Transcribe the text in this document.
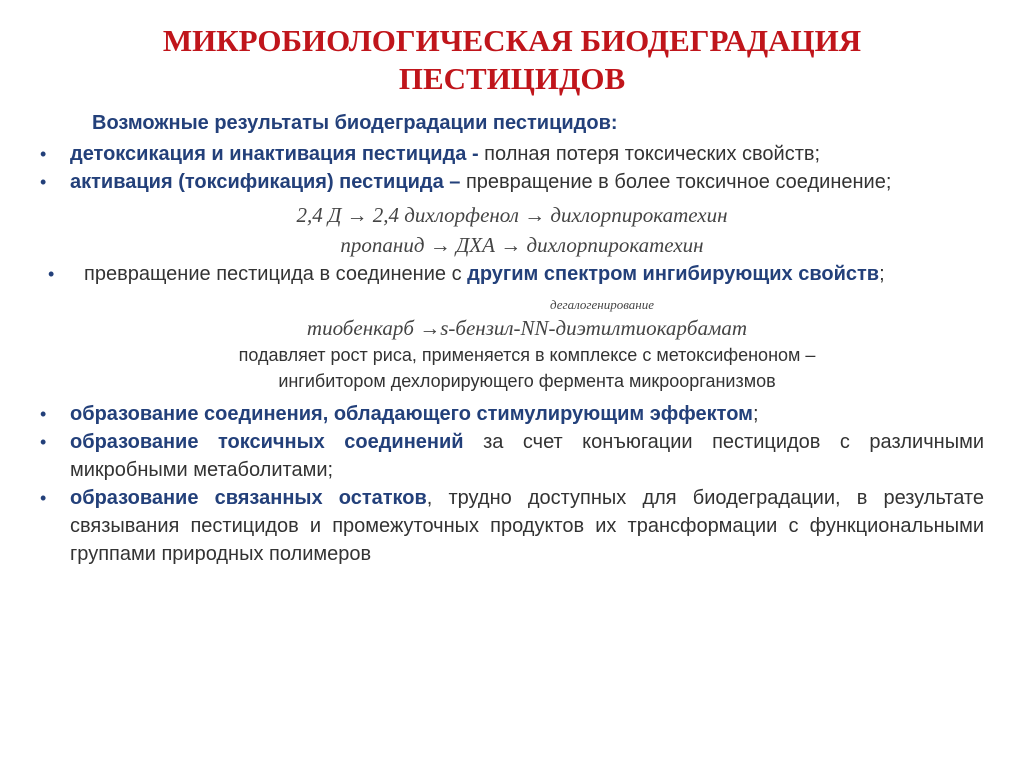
МИКРОБИОЛОГИЧЕСКАЯ БИОДЕГРАДАЦИЯ
ПЕСТИЦИДОВ
Возможные результаты биодеградации пестицидов:
• детоксикация и инактивация пестицида - полная потеря токсических свойств;
• активация (токсификация) пестицида – превращение в более токсичное соединение;
2,4 Д → 2,4 дихлорфенол → дихлорпирокатехин
пропанид → ДХА → дихлорпирокатехин
• превращение пестицида в соединение с другим спектром ингибирующих свойств;
дегалогенирование
тиобенкарб →s-бензил-NN-диэтилтиокарбамат
подавляет рост риса, применяется в комплексе с метоксифеноном –
ингибитором дехлорирующего фермента микроорганизмов
• образование соединения, обладающего стимулирующим эффектом;
• образование токсичных соединений за счет конъюгации пестицидов с различными микробными метаболитами;
• образование связанных остатков, трудно доступных для биодеградации, в результате связывания пестицидов и промежуточных продуктов их трансформации с функциональными группами природных полимеров
